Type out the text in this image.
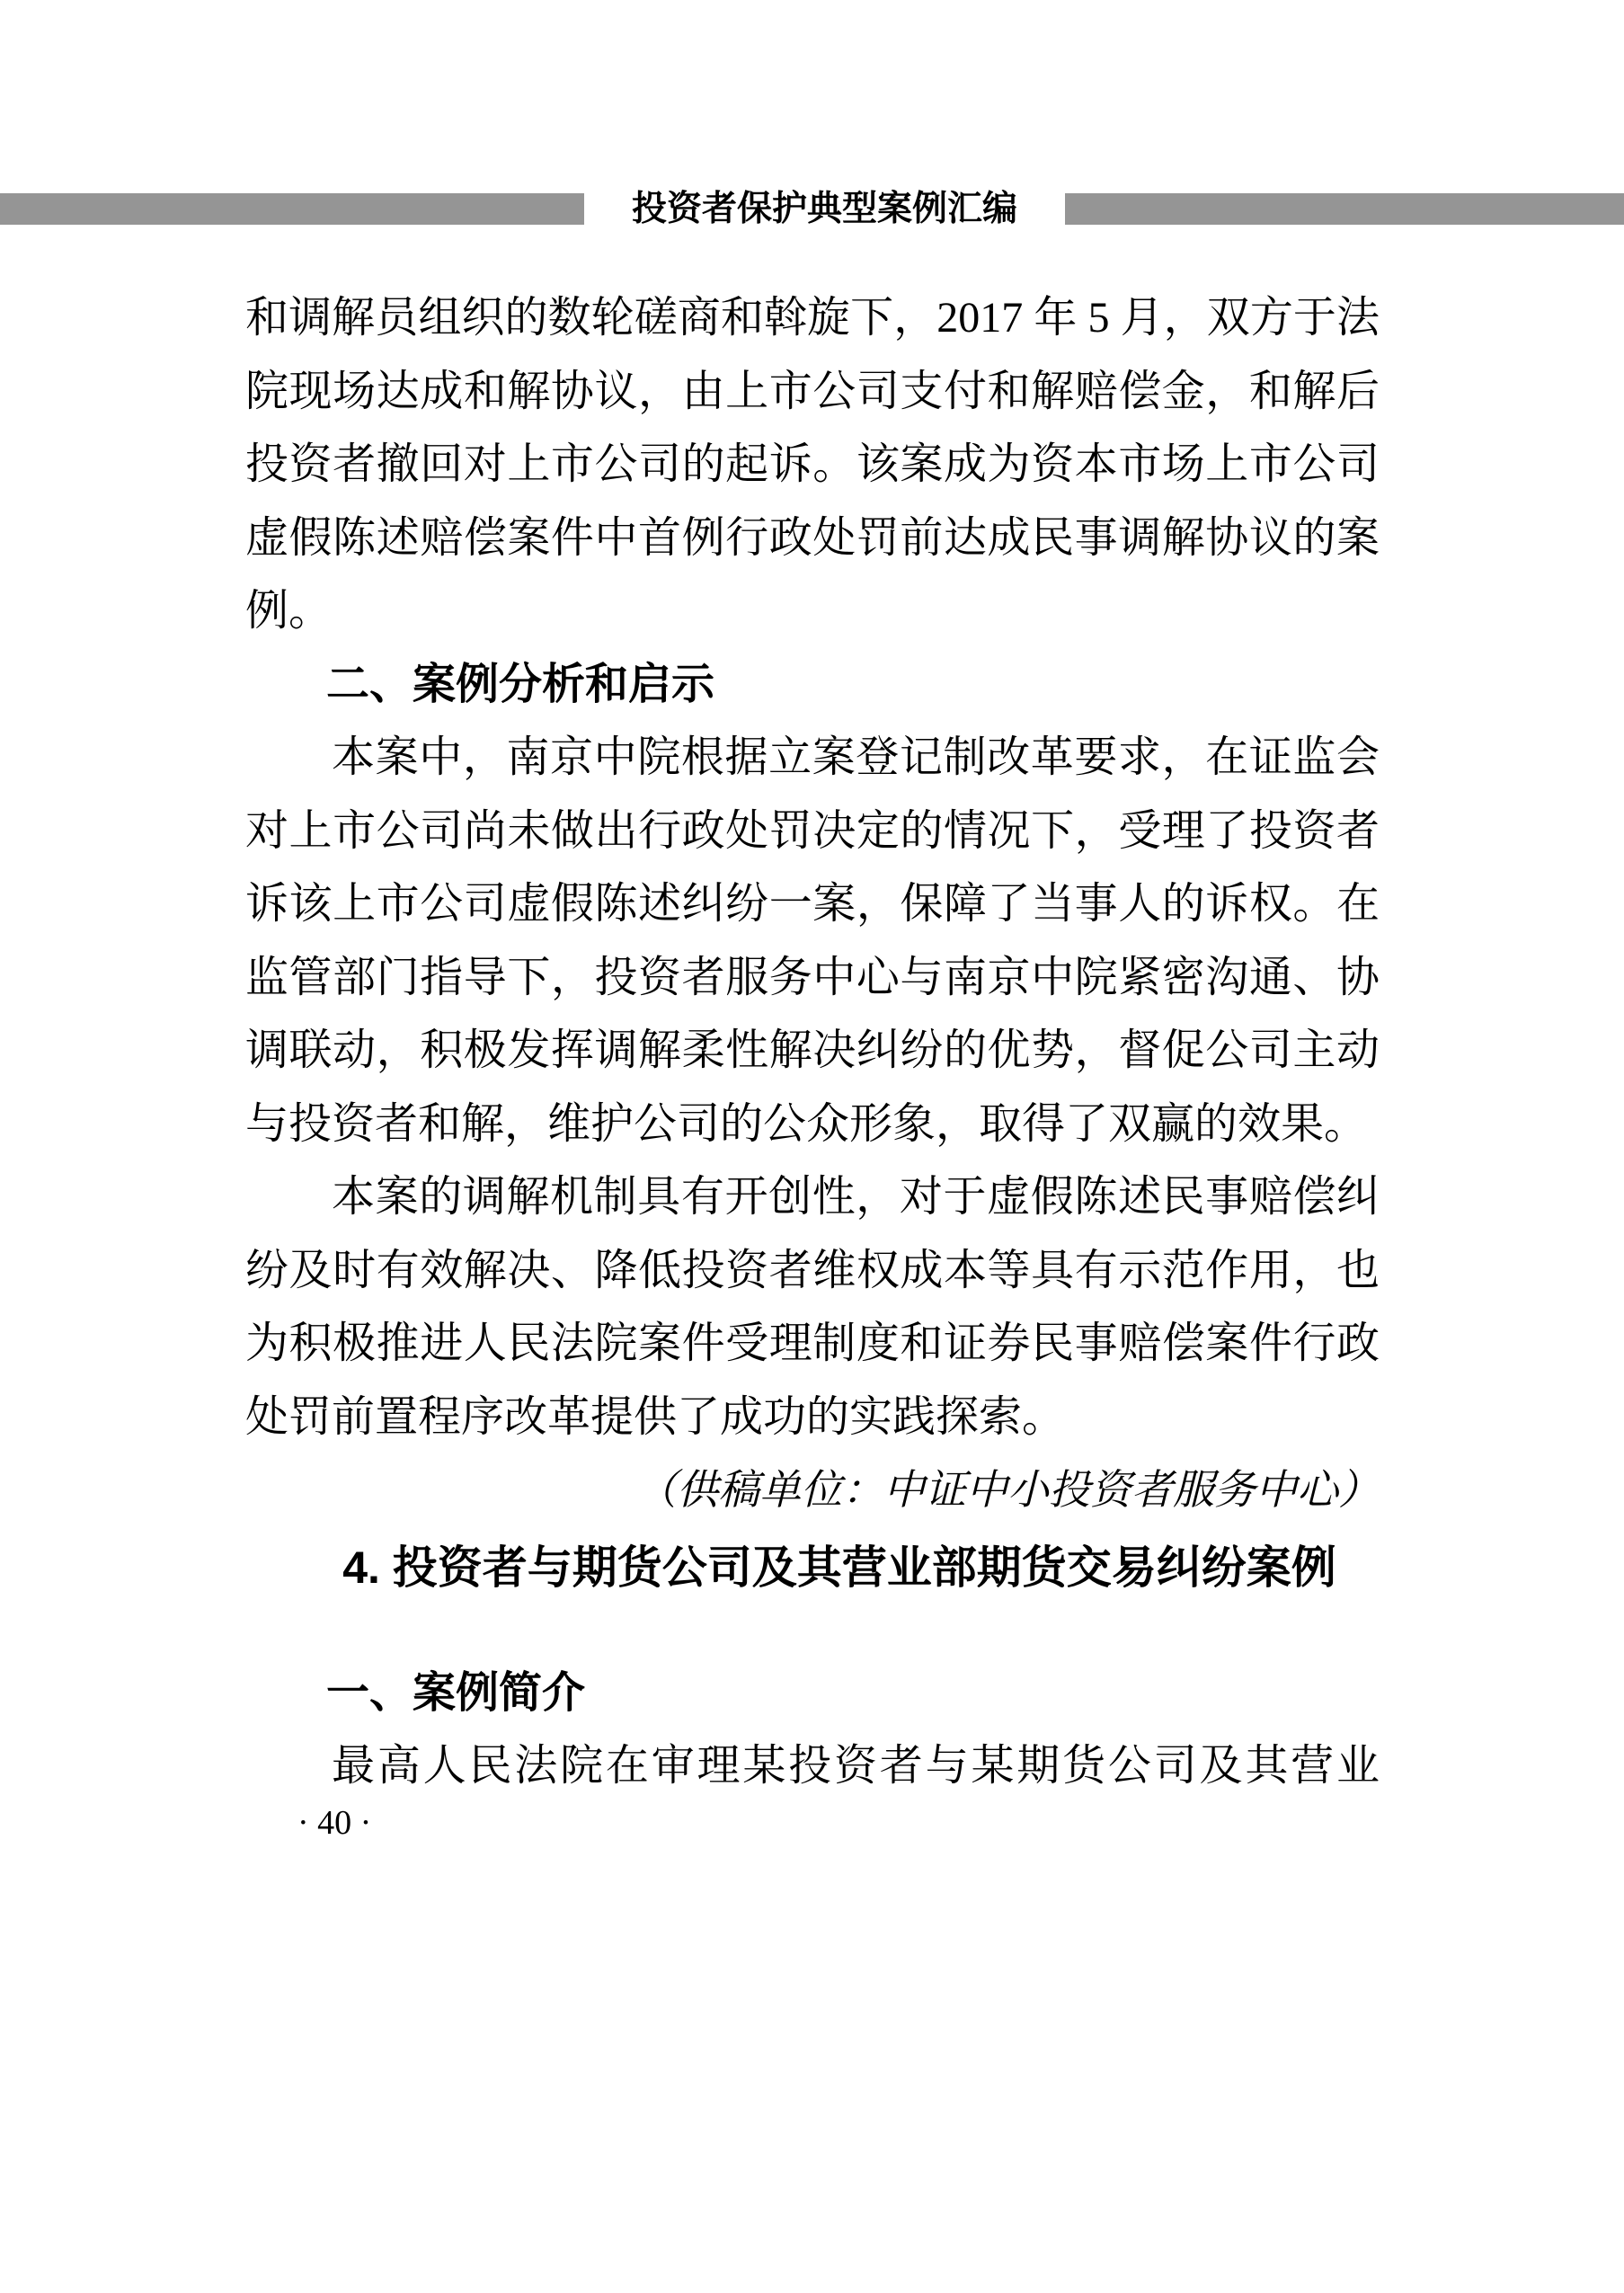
投资者保护典型案例汇编

和调解员组织的数轮磋商和斡旋下，2017 年 5 月，双方于法院现场达成和解协议，由上市公司支付和解赔偿金，和解后投资者撤回对上市公司的起诉。该案成为资本市场上市公司虚假陈述赔偿案件中首例行政处罚前达成民事调解协议的案例。

二、案例分析和启示

本案中，南京中院根据立案登记制改革要求，在证监会对上市公司尚未做出行政处罚决定的情况下，受理了投资者诉该上市公司虚假陈述纠纷一案，保障了当事人的诉权。在监管部门指导下，投资者服务中心与南京中院紧密沟通、协调联动，积极发挥调解柔性解决纠纷的优势，督促公司主动与投资者和解，维护公司的公众形象，取得了双赢的效果。

本案的调解机制具有开创性，对于虚假陈述民事赔偿纠纷及时有效解决、降低投资者维权成本等具有示范作用，也为积极推进人民法院案件受理制度和证券民事赔偿案件行政处罚前置程序改革提供了成功的实践探索。

（供稿单位：中证中小投资者服务中心）

4. 投资者与期货公司及其营业部期货交易纠纷案例

一、案例简介

最高人民法院在审理某投资者与某期货公司及其营业

· 40 ·
